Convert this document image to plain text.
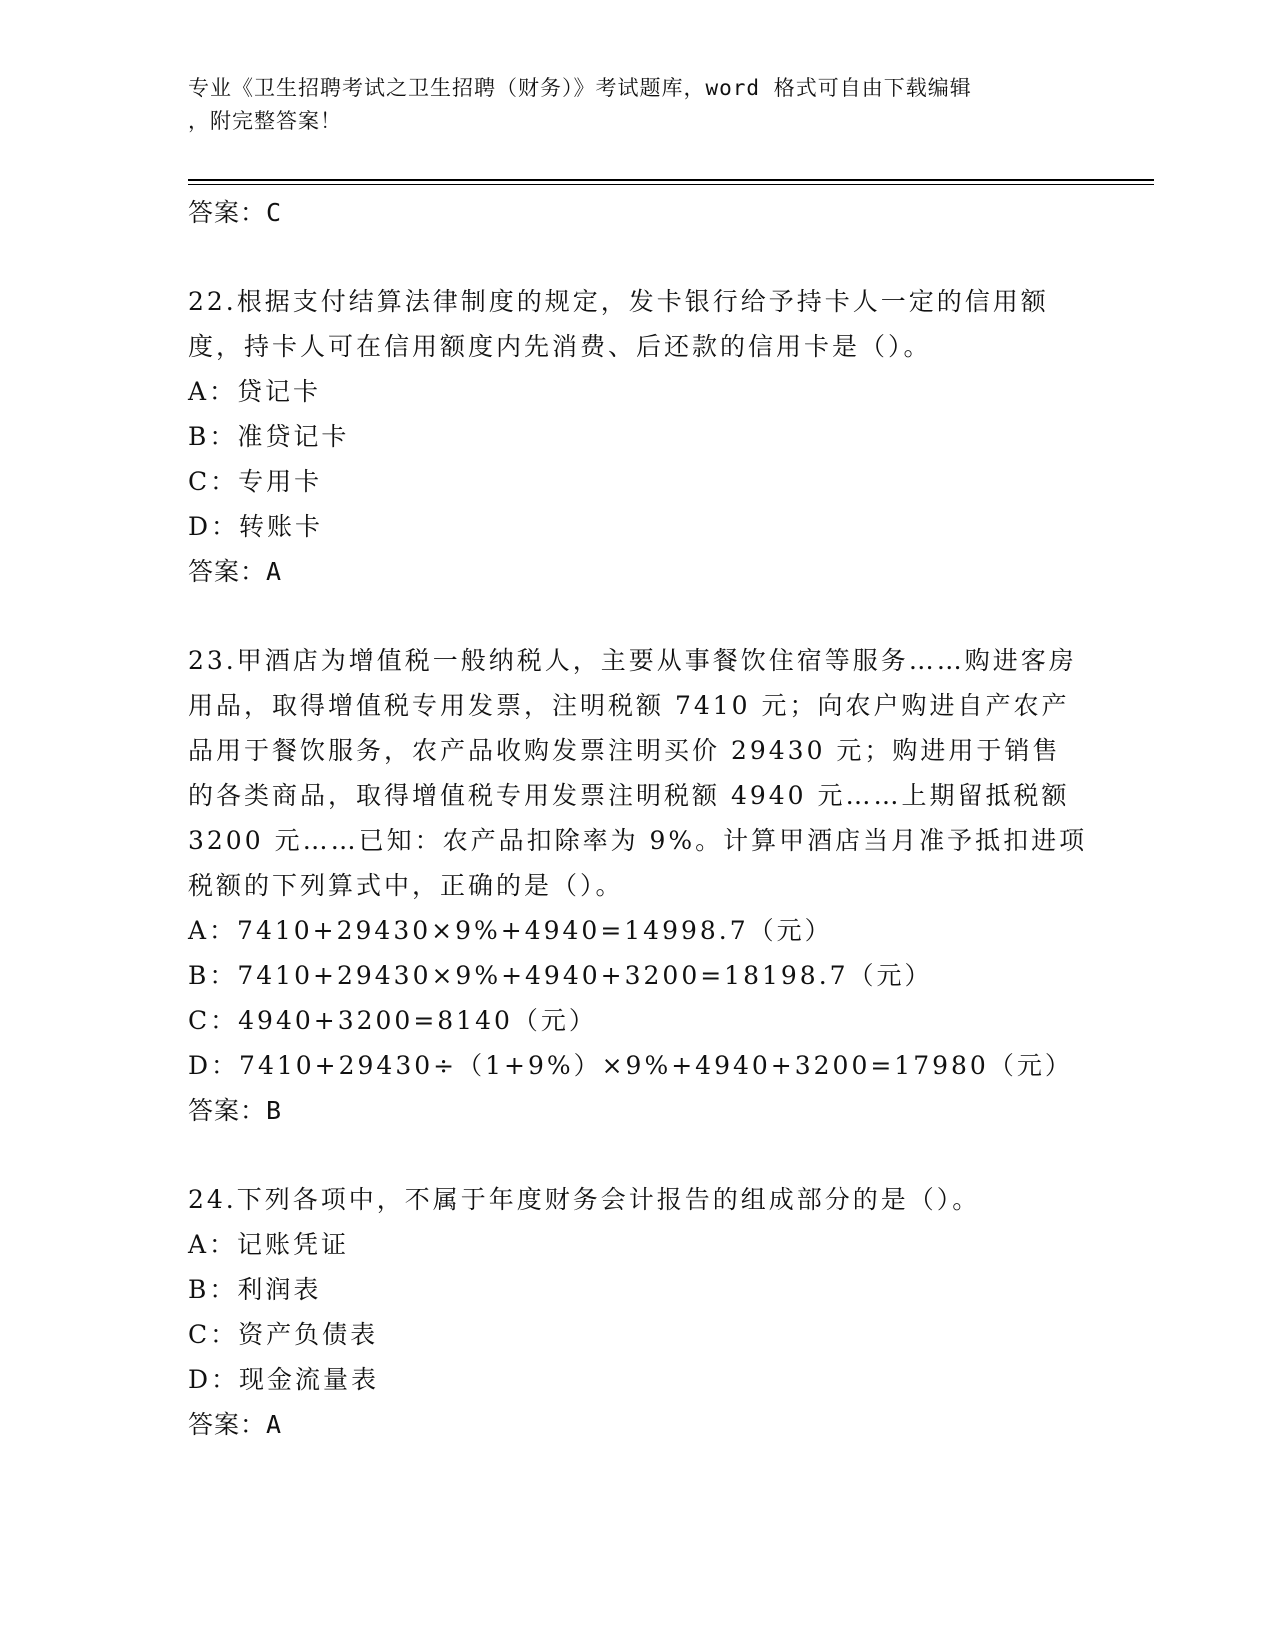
专业《卫生招聘考试之卫生招聘（财务）》考试题库，word 格式可自由下载编辑
，附完整答案！
答案：C
22.根据支付结算法律制度的规定，发卡银行给予持卡人一定的信用额度，持卡人可在信用额度内先消费、后还款的信用卡是（）。
A：贷记卡
B：准贷记卡
C：专用卡
D：转账卡
答案：A
23.甲酒店为增值税一般纳税人，主要从事餐饮住宿等服务……购进客房用品，取得增值税专用发票，注明税额 7410 元；向农户购进自产农产品用于餐饮服务，农产品收购发票注明买价 29430 元；购进用于销售的各类商品，取得增值税专用发票注明税额 4940 元……上期留抵税额 3200 元……已知：农产品扣除率为 9%。计算甲酒店当月准予抵扣进项税额的下列算式中，正确的是（）。
A：7410+29430×9%+4940=14998.7（元）
B：7410+29430×9%+4940+3200=18198.7（元）
C：4940+3200=8140（元）
D：7410+29430÷（1+9%）×9%+4940+3200=17980（元）
答案：B
24.下列各项中，不属于年度财务会计报告的组成部分的是（）。
A：记账凭证
B：利润表
C：资产负债表
D：现金流量表
答案：A
